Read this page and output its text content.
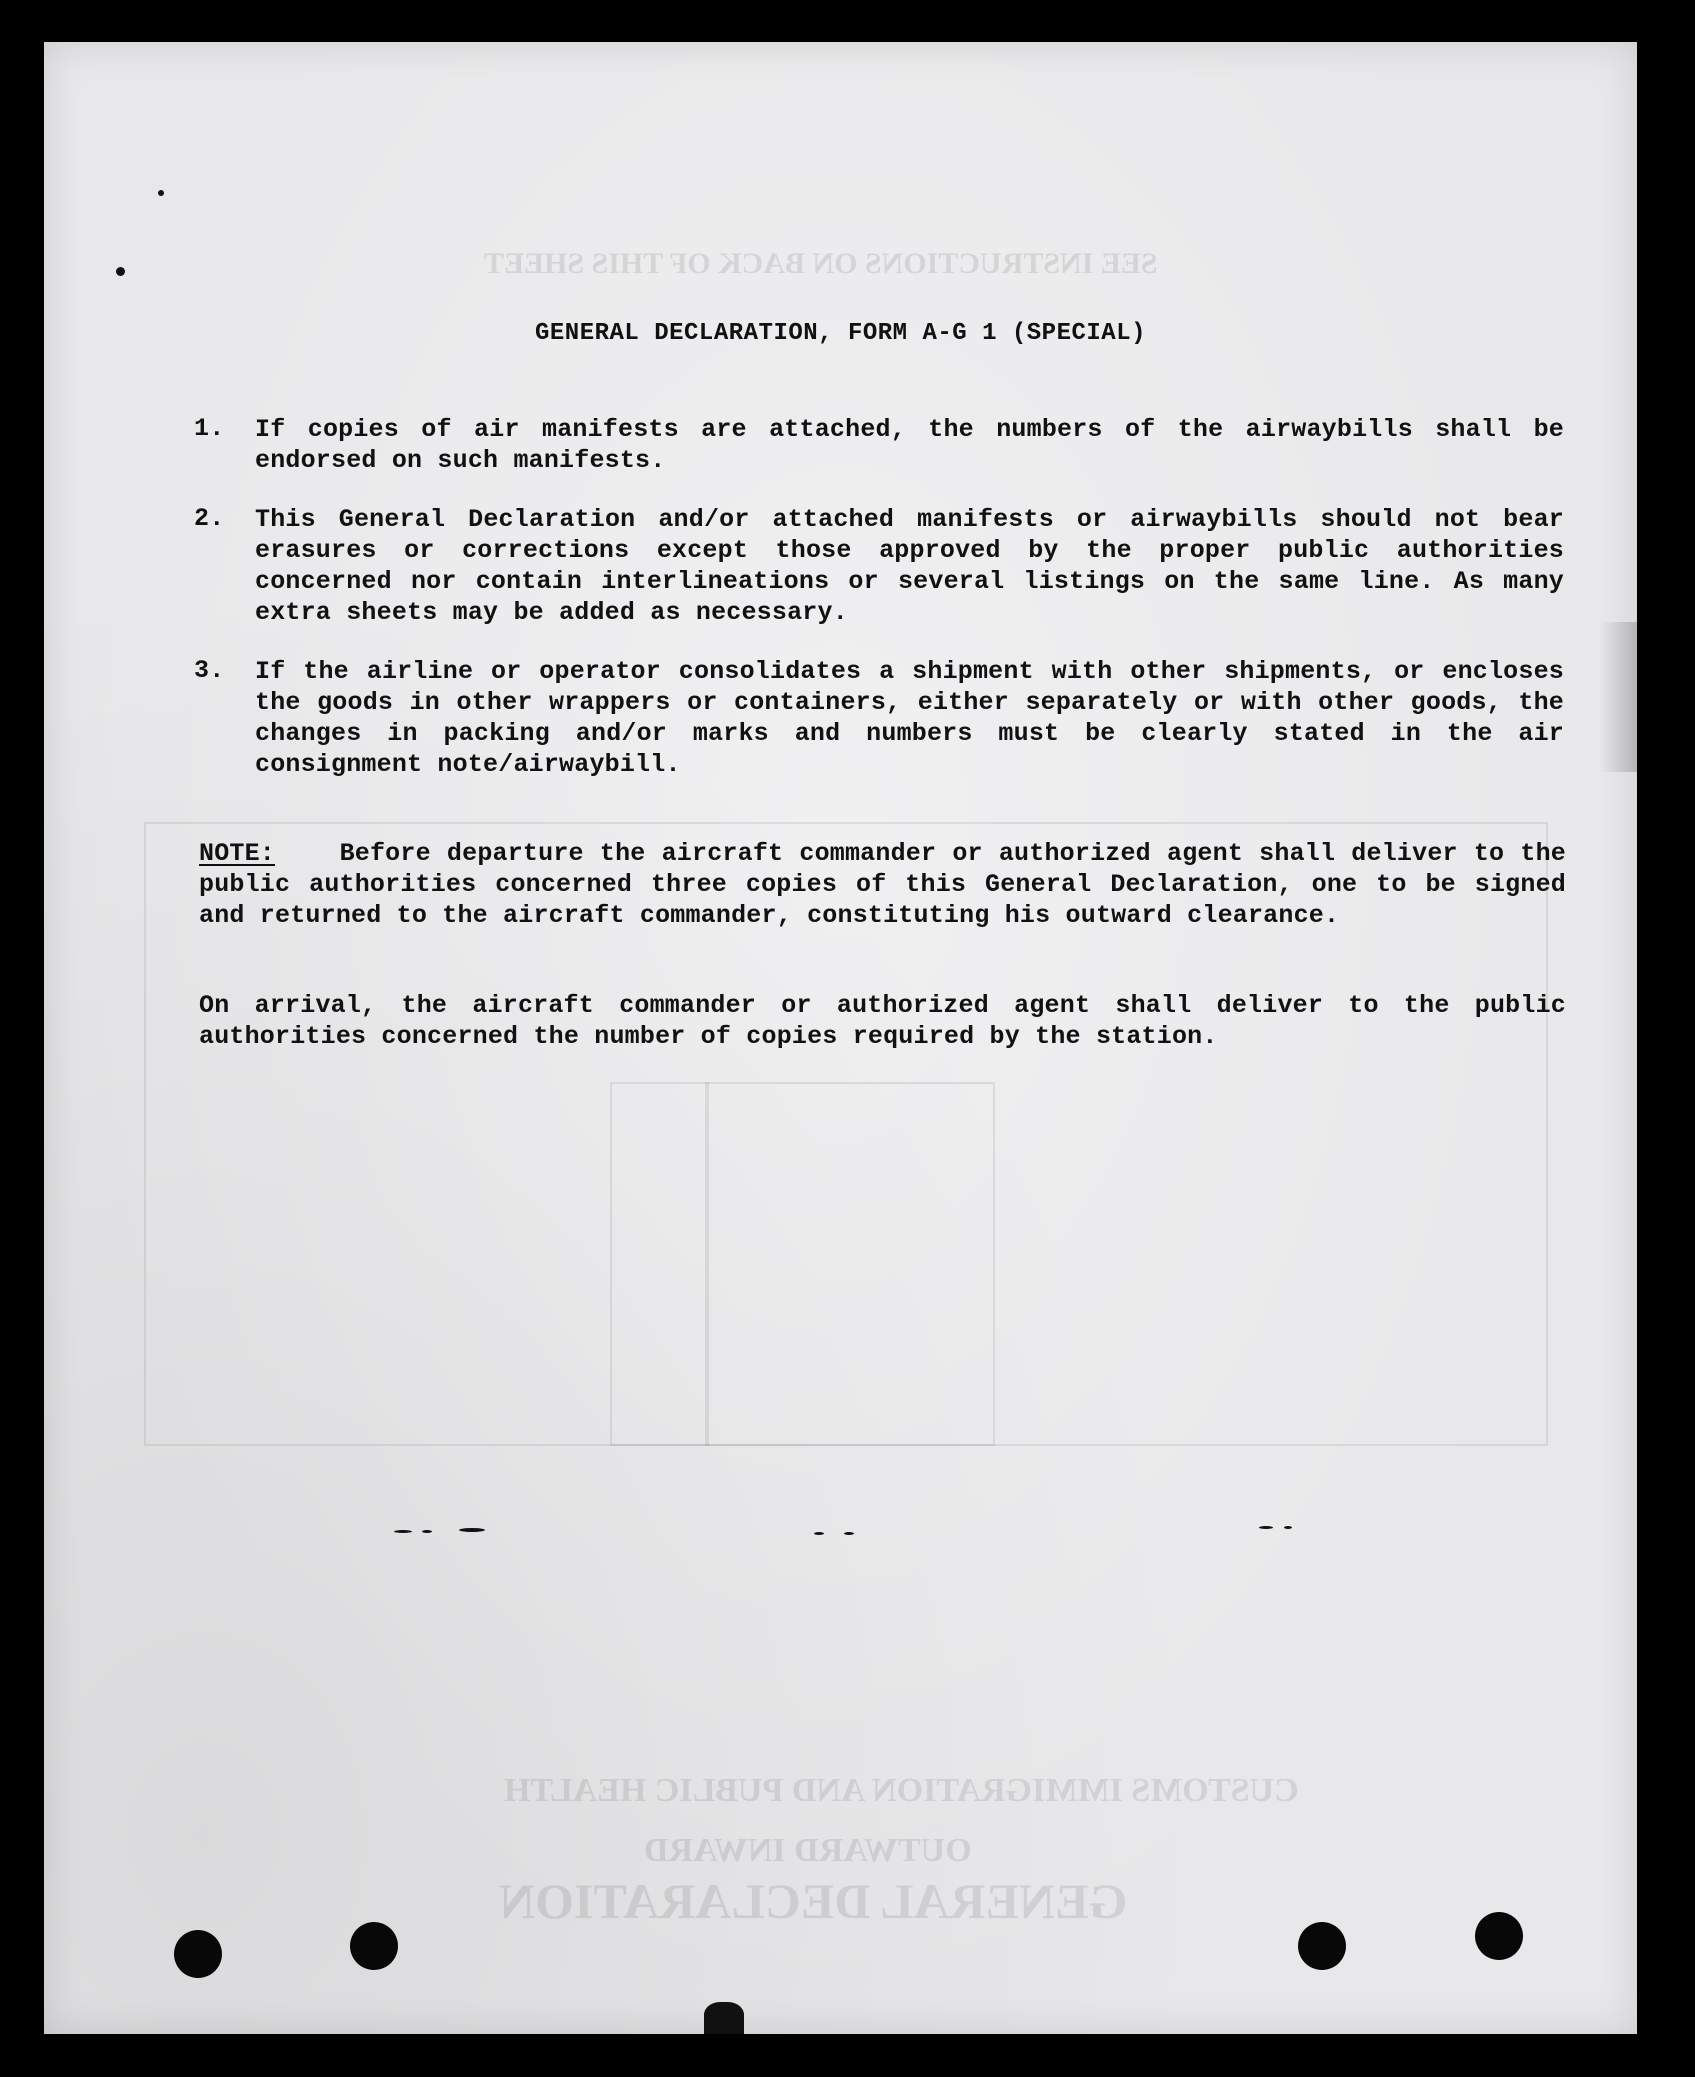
SEE INSTRUCTIONS ON BACK OF THIS SHEET
CUSTOMS IMMIGRATION AND PUBLIC HEALTH
OUTWARD INWARD
GENERAL DECLARATION
GENERAL DECLARATION, FORM A-G 1 (SPECIAL)
1.	If copies of air manifests are attached, the numbers of the airwaybills shall be endorsed on such manifests.
2.	This General Declaration and/or attached manifests or airwaybills should not bear erasures or corrections except those approved by the proper public authorities concerned nor contain interlineations or several listings on the same line. As many extra sheets may be added as necessary.
3.	If the airline or operator consolidates a shipment with other shipments, or encloses the goods in other wrappers or containers, either separately or with other goods, the changes in packing and/or marks and numbers must be clearly stated in the air consignment note/airwaybill.
NOTE:	Before departure the aircraft commander or authorized agent shall deliver to the public authorities concerned three copies of this General Declaration, one to be signed and returned to the aircraft commander, constituting his outward clearance.
On arrival, the aircraft commander or authorized agent shall deliver to the public authorities concerned the number of copies required by the station.
